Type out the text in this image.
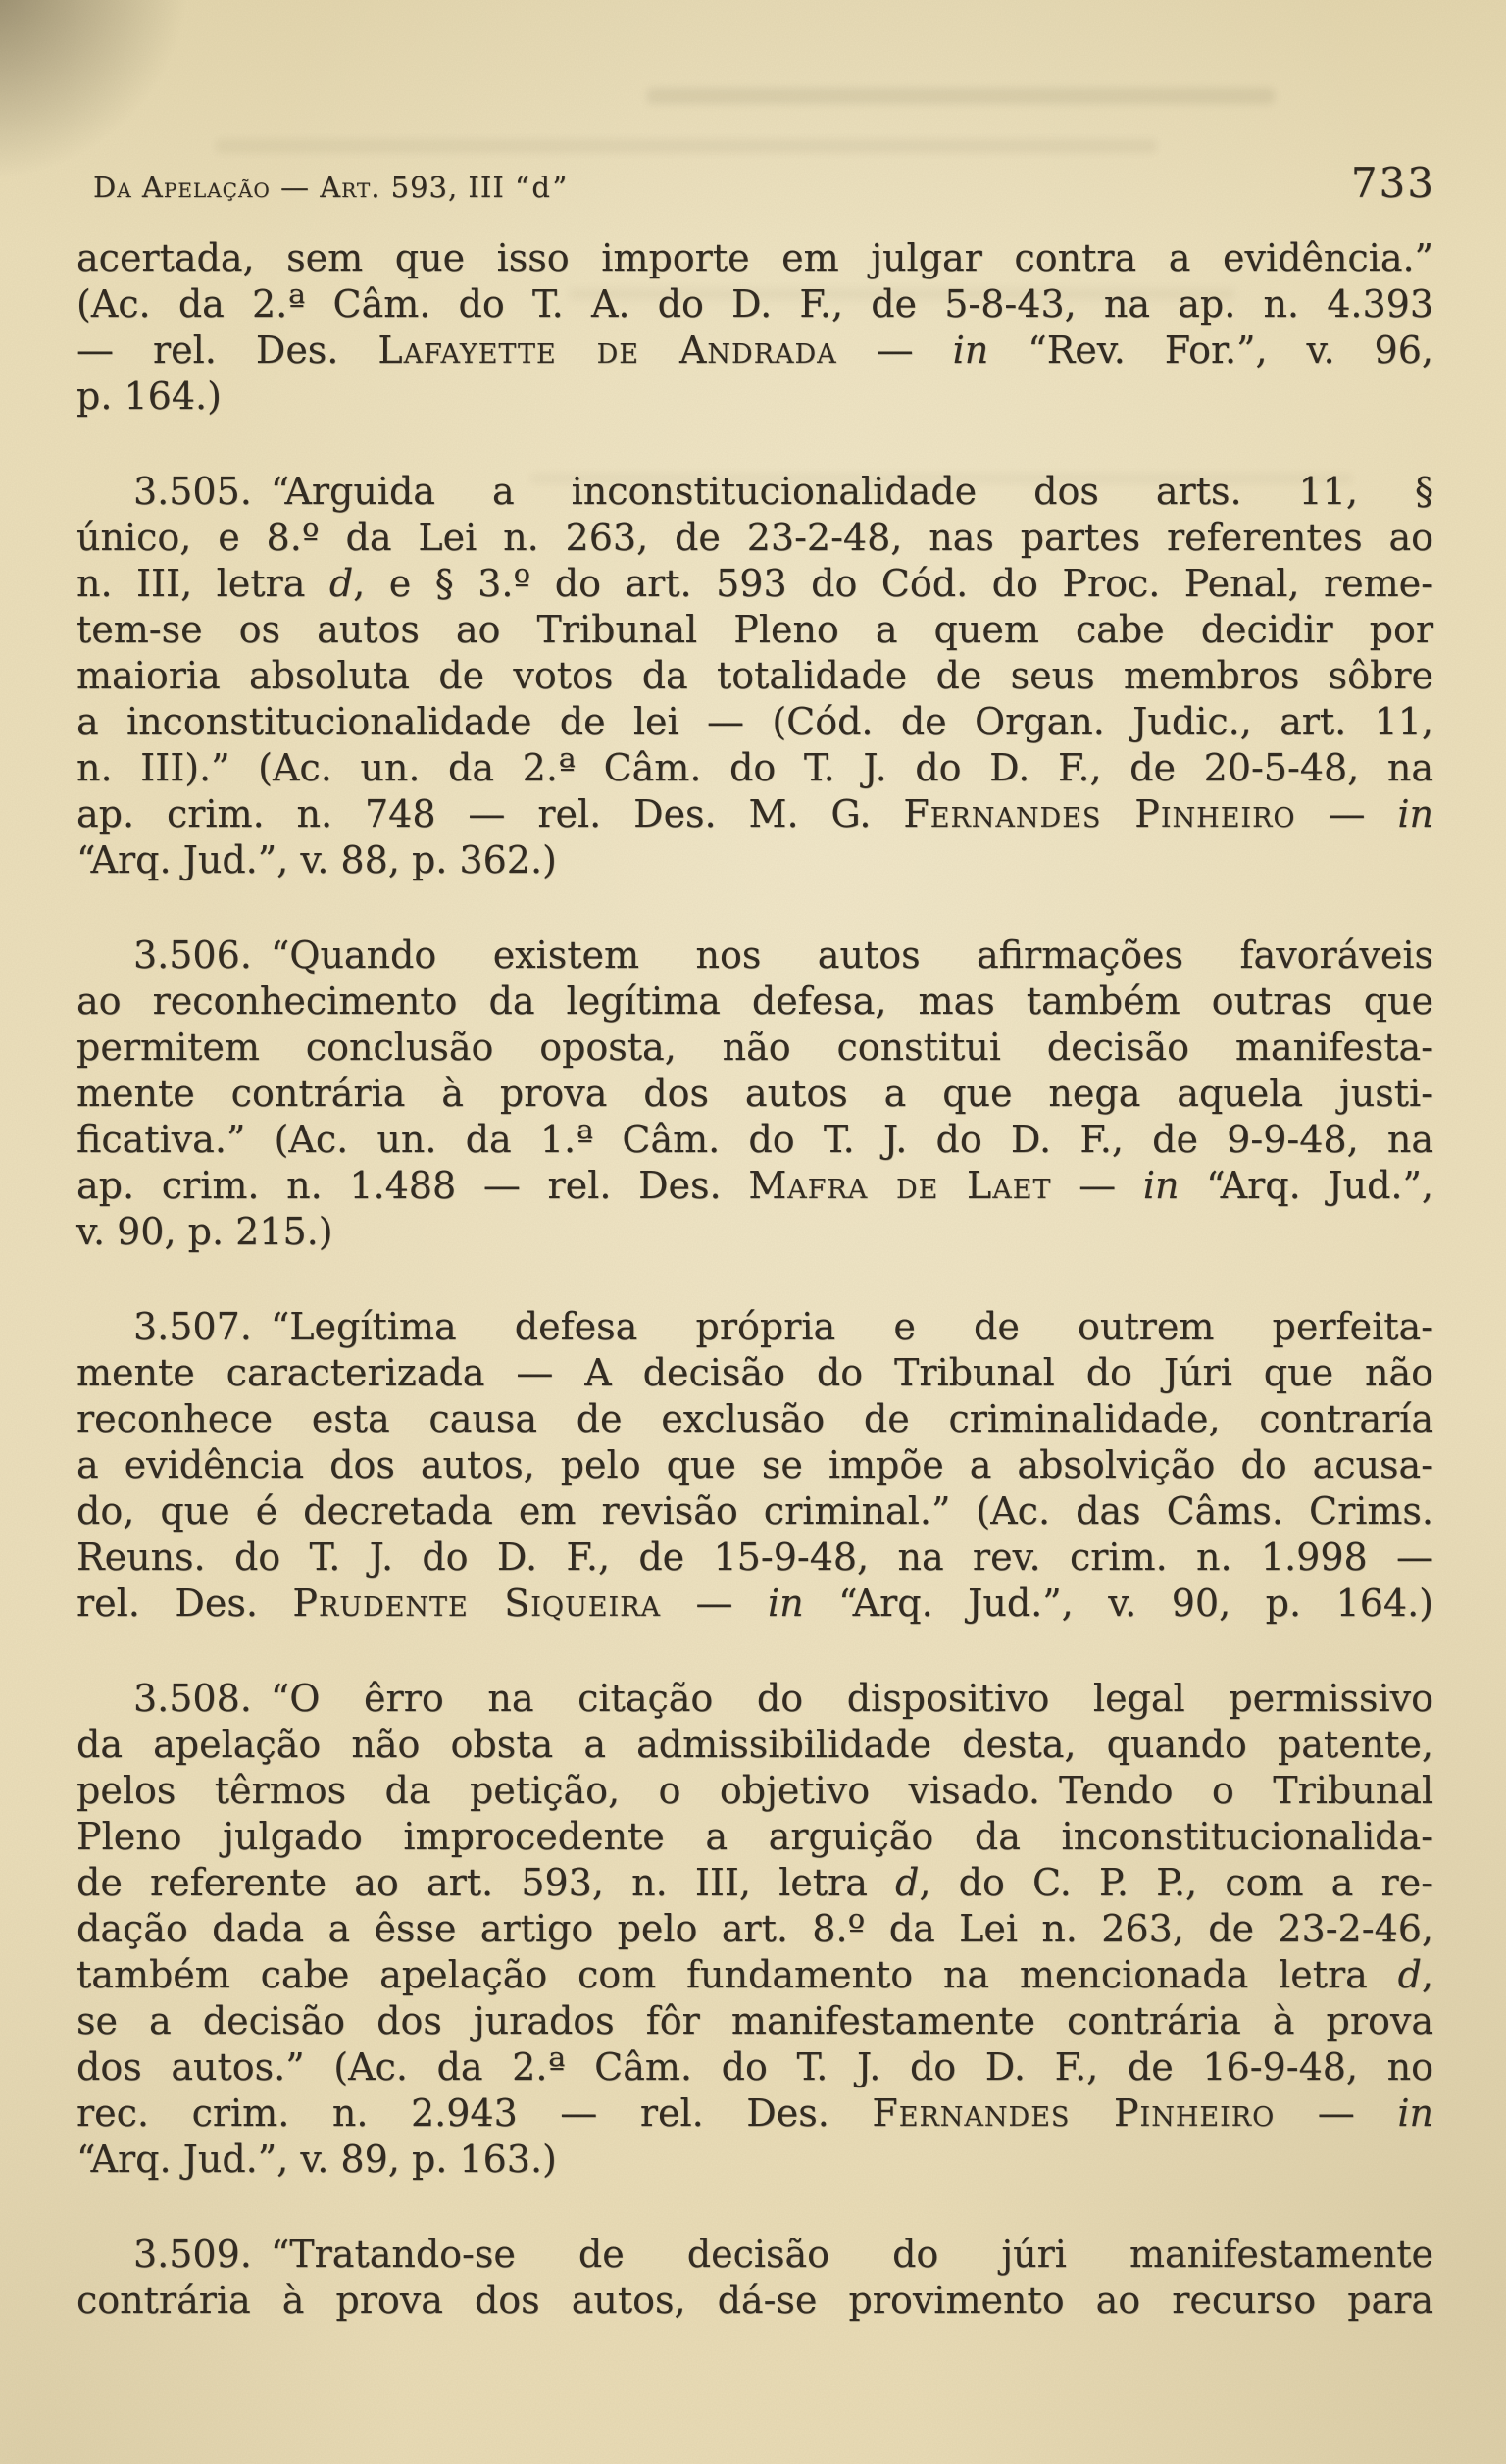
Da Apelação — Art. 593, III “d”	733
acertada, sem que isso importe em julgar contra a evidência.”
(Ac. da 2.ª Câm. do T. A. do D. F., de 5-8-43, na ap. n. 4.393
— rel. Des. Lafayette de Andrada — in “Rev. For.”, v. 96,
p. 164.)
3.505. “Arguida a inconstitucionalidade dos arts. 11, §
único, e 8.º da Lei n. 263, de 23-2-48, nas partes referentes ao
n. III, letra d, e § 3.º do art. 593 do Cód. do Proc. Penal, reme-
tem-se os autos ao Tribunal Pleno a quem cabe decidir por
maioria absoluta de votos da totalidade de seus membros sôbre
a inconstitucionalidade de lei — (Cód. de Organ. Judic., art. 11,
n. III).” (Ac. un. da 2.ª Câm. do T. J. do D. F., de 20-5-48, na
ap. crim. n. 748 — rel. Des. M. G. Fernandes Pinheiro — in
“Arq. Jud.”, v. 88, p. 362.)
3.506. “Quando existem nos autos afirmações favoráveis
ao reconhecimento da legítima defesa, mas também outras que
permitem conclusão oposta, não constitui decisão manifesta-
mente contrária à prova dos autos a que nega aquela justi-
ficativa.” (Ac. un. da 1.ª Câm. do T. J. do D. F., de 9-9-48, na
ap. crim. n. 1.488 — rel. Des. Mafra de Laet — in “Arq. Jud.”,
v. 90, p. 215.)
3.507. “Legítima defesa própria e de outrem perfeita-
mente caracterizada — A decisão do Tribunal do Júri que não
reconhece esta causa de exclusão de criminalidade, contraría
a evidência dos autos, pelo que se impõe a absolvição do acusa-
do, que é decretada em revisão criminal.” (Ac. das Câms. Crims.
Reuns. do T. J. do D. F., de 15-9-48, na rev. crim. n. 1.998 —
rel. Des. Prudente Siqueira — in “Arq. Jud.”, v. 90, p. 164.)
3.508. “O êrro na citação do dispositivo legal permissivo
da apelação não obsta a admissibilidade desta, quando patente,
pelos têrmos da petição, o objetivo visado. Tendo o Tribunal
Pleno julgado improcedente a arguição da inconstitucionalida-
de referente ao art. 593, n. III, letra d, do C. P. P., com a re-
dação dada a êsse artigo pelo art. 8.º da Lei n. 263, de 23-2-46,
também cabe apelação com fundamento na mencionada letra d,
se a decisão dos jurados fôr manifestamente contrária à prova
dos autos.” (Ac. da 2.ª Câm. do T. J. do D. F., de 16-9-48, no
rec. crim. n. 2.943 — rel. Des. Fernandes Pinheiro — in
“Arq. Jud.”, v. 89, p. 163.)
3.509. “Tratando-se de decisão do júri manifestamente
contrária à prova dos autos, dá-se provimento ao recurso para
